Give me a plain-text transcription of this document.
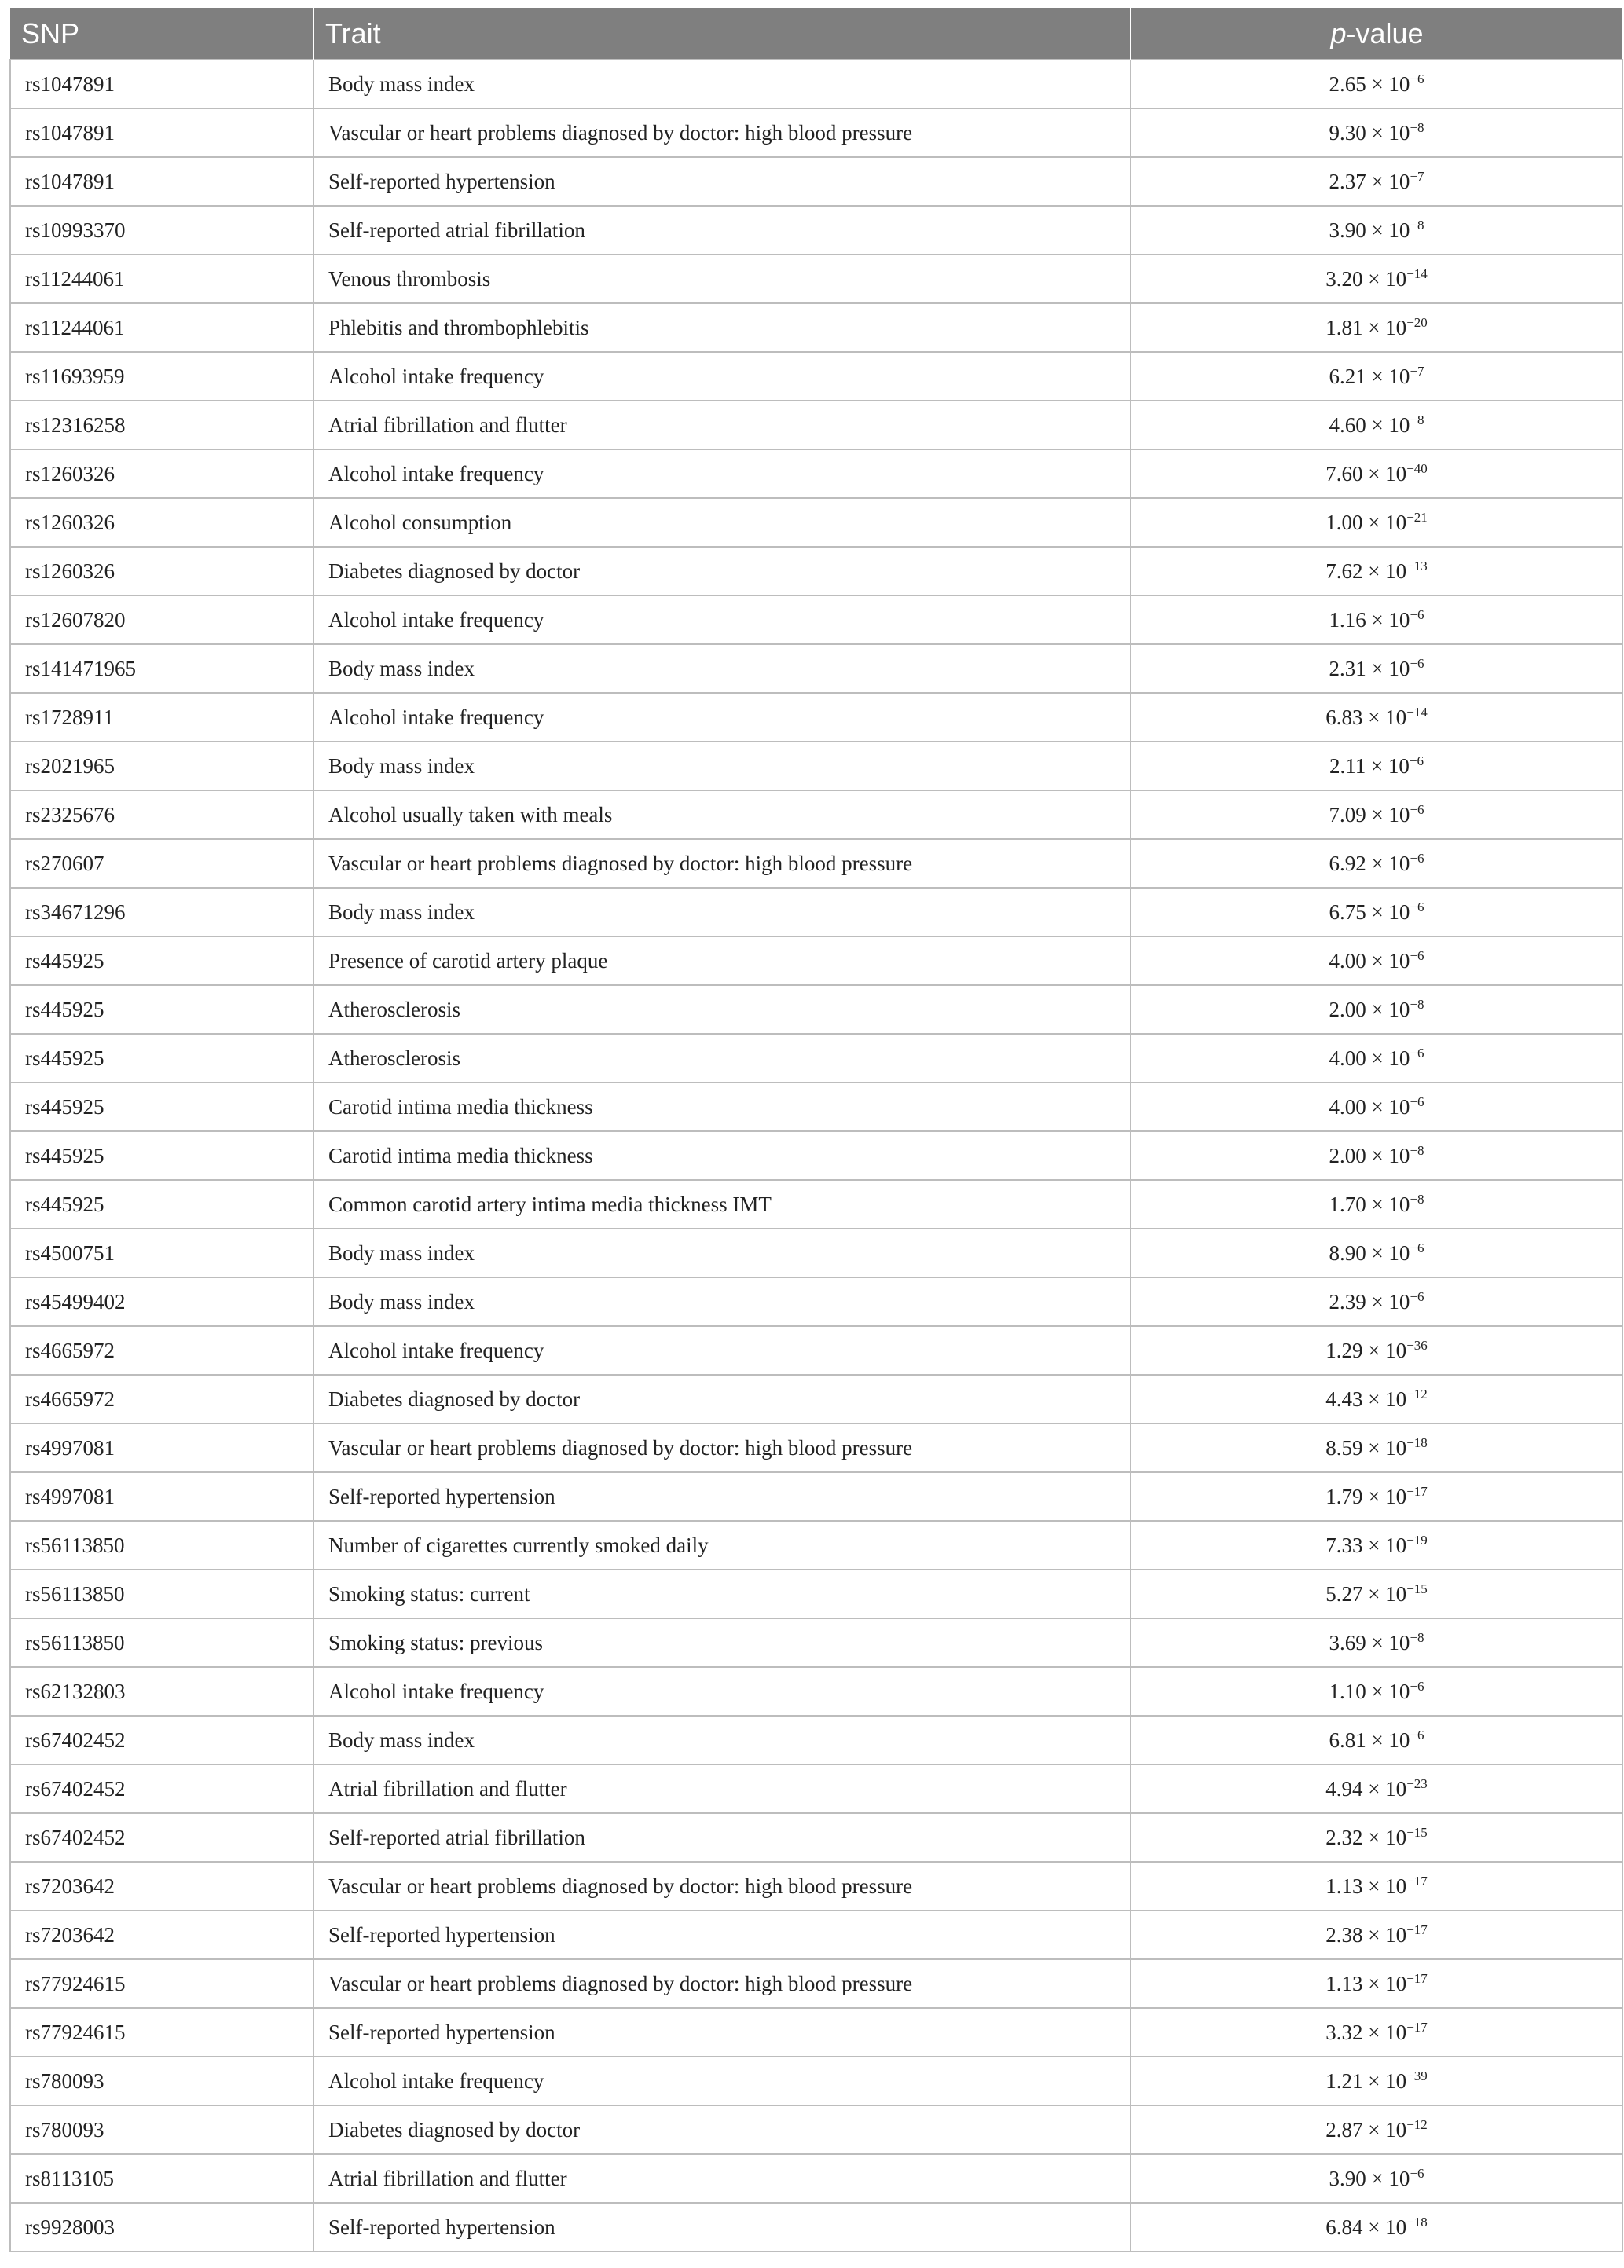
SNP	Trait	p-value
rs1047891	Body mass index	$2.65 \times 10^{-6}$
rs1047891	Vascular or heart problems diagnosed by doctor: high blood pressure	$9.30 \times 10^{-8}$
rs1047891	Self-reported hypertension	$2.37 \times 10^{-7}$
rs10993370	Self-reported atrial fibrillation	$3.90 \times 10^{-8}$
rs11244061	Venous thrombosis	$3.20 \times 10^{-14}$
rs11244061	Phlebitis and thrombophlebitis	$1.81 \times 10^{-20}$
rs11693959	Alcohol intake frequency	$6.21 \times 10^{-7}$
rs12316258	Atrial fibrillation and flutter	$4.60 \times 10^{-8}$
rs1260326	Alcohol intake frequency	$7.60 \times 10^{-40}$
rs1260326	Alcohol consumption	$1.00 \times 10^{-21}$
rs1260326	Diabetes diagnosed by doctor	$7.62 \times 10^{-13}$
rs12607820	Alcohol intake frequency	$1.16 \times 10^{-6}$
rs141471965	Body mass index	$2.31 \times 10^{-6}$
rs1728911	Alcohol intake frequency	$6.83 \times 10^{-14}$
rs2021965	Body mass index	$2.11 \times 10^{-6}$
rs2325676	Alcohol usually taken with meals	$7.09 \times 10^{-6}$
rs270607	Vascular or heart problems diagnosed by doctor: high blood pressure	$6.92 \times 10^{-6}$
rs34671296	Body mass index	$6.75 \times 10^{-6}$
rs445925	Presence of carotid artery plaque	$4.00 \times 10^{-6}$
rs445925	Atherosclerosis	$2.00 \times 10^{-8}$
rs445925	Atherosclerosis	$4.00 \times 10^{-6}$
rs445925	Carotid intima media thickness	$4.00 \times 10^{-6}$
rs445925	Carotid intima media thickness	$2.00 \times 10^{-8}$
rs445925	Common carotid artery intima media thickness IMT	$1.70 \times 10^{-8}$
rs4500751	Body mass index	$8.90 \times 10^{-6}$
rs45499402	Body mass index	$2.39 \times 10^{-6}$
rs4665972	Alcohol intake frequency	$1.29 \times 10^{-36}$
rs4665972	Diabetes diagnosed by doctor	$4.43 \times 10^{-12}$
rs4997081	Vascular or heart problems diagnosed by doctor: high blood pressure	$8.59 \times 10^{-18}$
rs4997081	Self-reported hypertension	$1.79 \times 10^{-17}$
rs56113850	Number of cigarettes currently smoked daily	$7.33 \times 10^{-19}$
rs56113850	Smoking status: current	$5.27 \times 10^{-15}$
rs56113850	Smoking status: previous	$3.69 \times 10^{-8}$
rs62132803	Alcohol intake frequency	$1.10 \times 10^{-6}$
rs67402452	Body mass index	$6.81 \times 10^{-6}$
rs67402452	Atrial fibrillation and flutter	$4.94 \times 10^{-23}$
rs67402452	Self-reported atrial fibrillation	$2.32 \times 10^{-15}$
rs7203642	Vascular or heart problems diagnosed by doctor: high blood pressure	$1.13 \times 10^{-17}$
rs7203642	Self-reported hypertension	$2.38 \times 10^{-17}$
rs77924615	Vascular or heart problems diagnosed by doctor: high blood pressure	$1.13 \times 10^{-17}$
rs77924615	Self-reported hypertension	$3.32 \times 10^{-17}$
rs780093	Alcohol intake frequency	$1.21 \times 10^{-39}$
rs780093	Diabetes diagnosed by doctor	$2.87 \times 10^{-12}$
rs8113105	Atrial fibrillation and flutter	$3.90 \times 10^{-6}$
rs9928003	Self-reported hypertension	$6.84 \times 10^{-18}$
